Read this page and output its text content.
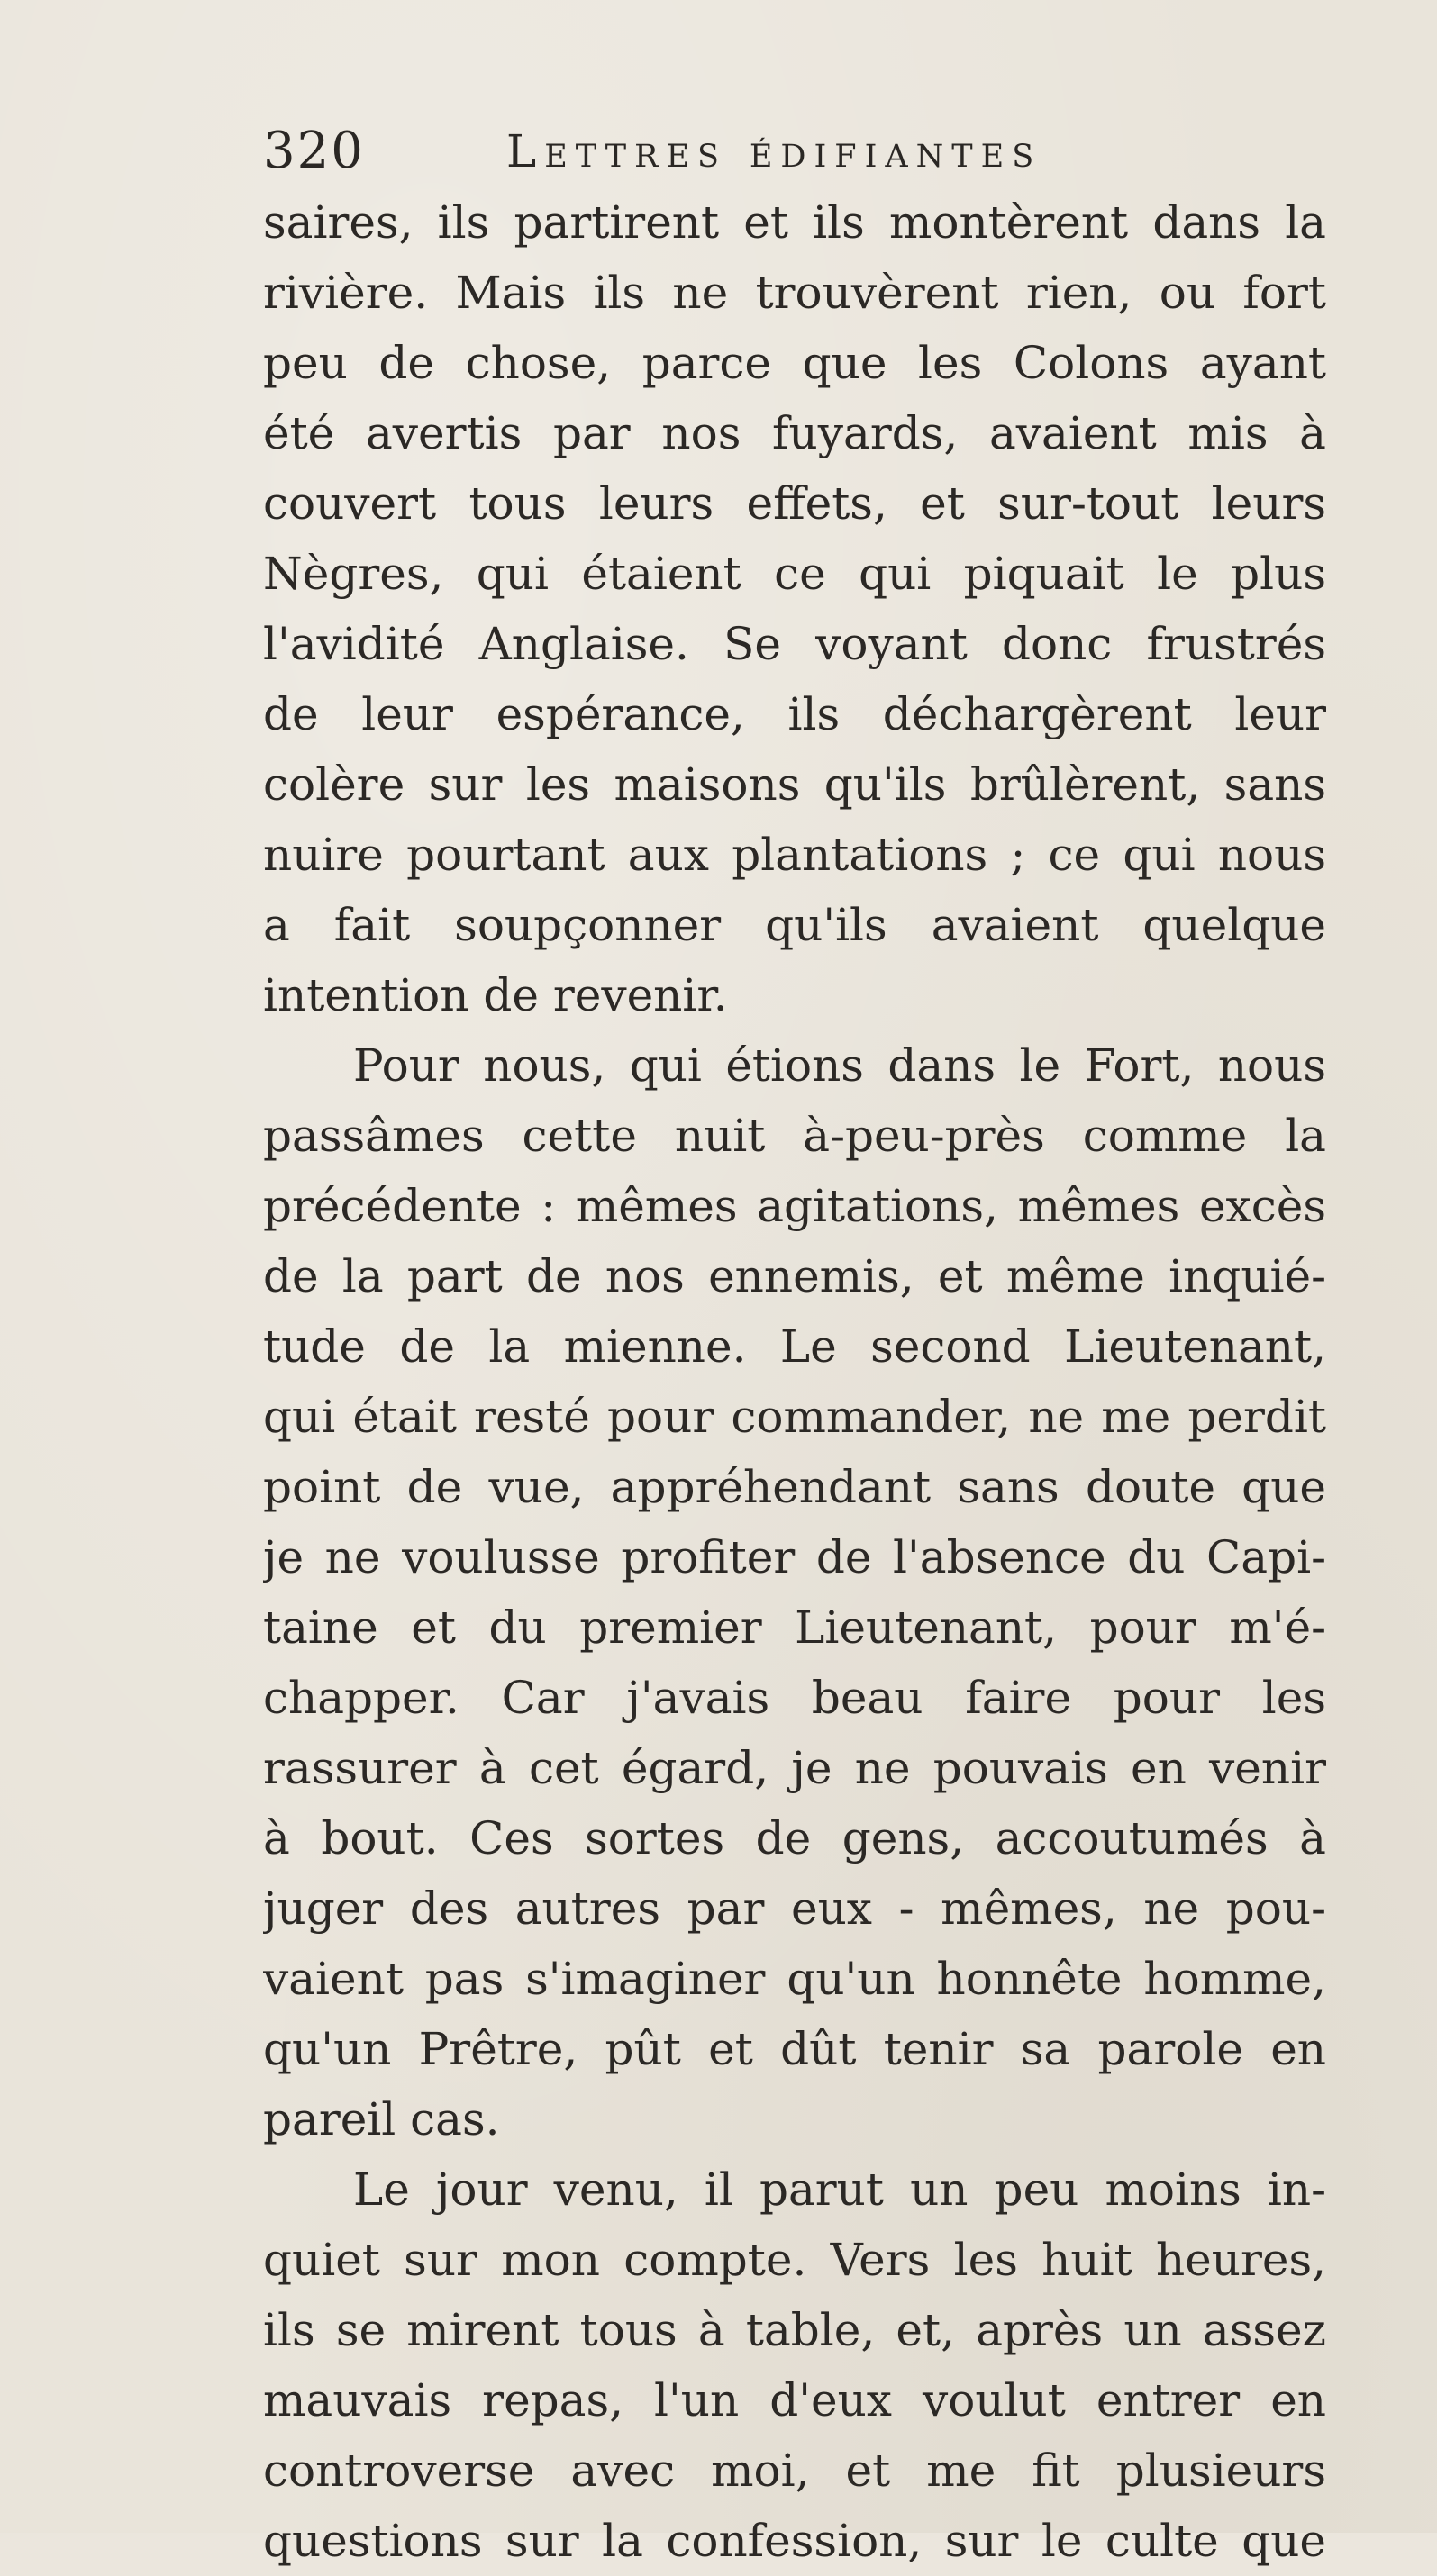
320	Lettres édifiantes
saires, ils partirent et ils montèrent dans la
rivière. Mais ils ne trouvèrent rien, ou fort
peu de chose, parce que les Colons ayant
été avertis par nos fuyards, avaient mis à
couvert tous leurs effets, et sur-tout leurs
Nègres, qui étaient ce qui piquait le plus
l'avidité Anglaise. Se voyant donc frustrés
de leur espérance, ils déchargèrent leur
colère sur les maisons qu'ils brûlèrent, sans
nuire pourtant aux plantations ; ce qui nous
a fait soupçonner qu'ils avaient quelque
intention de revenir.
Pour nous, qui étions dans le Fort, nous
passâmes cette nuit à-peu-près comme la
précédente : mêmes agitations, mêmes excès
de la part de nos ennemis, et même inquié-
tude de la mienne. Le second Lieutenant,
qui était resté pour commander, ne me perdit
point de vue, appréhendant sans doute que
je ne voulusse profiter de l'absence du Capi-
taine et du premier Lieutenant, pour m'é-
chapper. Car j'avais beau faire pour les
rassurer à cet égard, je ne pouvais en venir
à bout. Ces sortes de gens, accoutumés à
juger des autres par eux - mêmes, ne pou-
vaient pas s'imaginer qu'un honnête homme,
qu'un Prêtre, pût et dût tenir sa parole en
pareil cas.
Le jour venu, il parut un peu moins in-
quiet sur mon compte. Vers les huit heures,
ils se mirent tous à table, et, après un assez
mauvais repas, l'un d'eux voulut entrer en
controverse avec moi, et me fit plusieurs
questions sur la confession, sur le culte que
